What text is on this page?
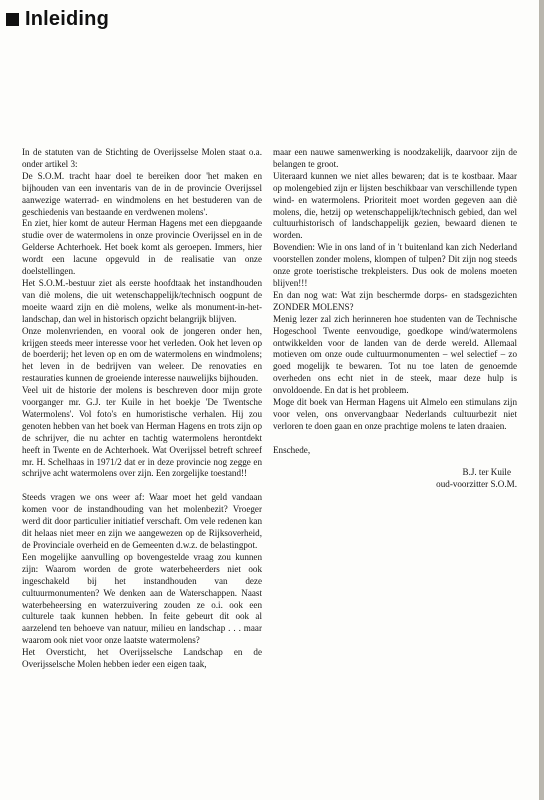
Inleiding

In de statuten van de Stichting de Overijsselse Molen staat o.a. onder artikel 3:

De S.O.M. tracht haar doel te bereiken door 'het maken en bijhouden van een inventaris van de in de provincie Overijssel aanwezige waterrad- en windmolens en het bestuderen van de geschiedenis van bestaande en verdwenen molens'.

En ziet, hier komt de auteur Herman Hagens met een diepgaande studie over de watermolens in onze provincie Overijssel en in de Gelderse Achterhoek. Het boek komt als geroepen. Immers, hier wordt een lacune opgevuld in de realisatie van onze doelstellingen.

Het S.O.M.-bestuur ziet als eerste hoofdtaak het instandhouden van diè molens, die uit wetenschappelijk/technisch oogpunt de moeite waard zijn en diè molens, welke als monument-in-het-landschap, dan wel in historisch opzicht belangrijk blijven.

Onze molenvrienden, en vooral ook de jongeren onder hen, krijgen steeds meer interesse voor het verleden. Ook het leven op de boerderij; het leven op en om de watermolens en windmolens; het leven in de bedrijven van weleer. De renovaties en restauraties kunnen de groeiende interesse nauwelijks bijhouden.

Veel uit de historie der molens is beschreven door mijn grote voorganger mr. G.J. ter Kuile in het boekje 'De Twentsche Watermolens'. Vol foto's en humoristische verhalen. Hij zou genoten hebben van het boek van Herman Hagens en trots zijn op de schrijver, die nu achter en tachtig watermolens herontdekt heeft in Twente en de Achterhoek. Wat Overijssel betreft schreef mr. H. Schelhaas in 1971/2 dat er in deze provincie nog zegge en schrijve acht watermolens over zijn. Een zorgelijke toestand!!

Steeds vragen we ons weer af: Waar moet het geld vandaan komen voor de instandhouding van het molenbezit? Vroeger werd dit door particulier initiatief verschaft. Om vele redenen kan dit helaas niet meer en zijn we aangewezen op de Rijksoverheid, de Provinciale overheid en de Gemeenten d.w.z. de belastingpot.

Een mogelijke aanvulling op bovengestelde vraag zou kunnen zijn: Waarom worden de grote waterbeheerders niet ook ingeschakeld bij het instandhouden van deze cultuurmonumenten? We denken aan de Waterschappen. Naast waterbeheersing en waterzuivering zouden ze o.i. ook een culturele taak kunnen hebben. In feite gebeurt dit ook al aarzelend ten behoeve van natuur, milieu en landschap . . . maar waarom ook niet voor onze laatste watermolens?

Het Oversticht, het Overijsselsche Landschap en de Overijsselsche Molen hebben ieder een eigen taak,

maar een nauwe samenwerking is noodzakelijk, daarvoor zijn de belangen te groot.

Uiteraard kunnen we niet alles bewaren; dat is te kostbaar. Maar op molengebied zijn er lijsten beschikbaar van verschillende typen wind- en watermolens. Prioriteit moet worden gegeven aan diè molens, die, hetzij op wetenschappelijk/technisch gebied, dan wel cultuurhistorisch of landschappelijk gezien, bewaard dienen te worden.

Bovendien: Wie in ons land of in 't buitenland kan zich Nederland voorstellen zonder molens, klompen of tulpen? Dit zijn nog steeds onze grote toeristische trekpleisters. Dus ook de molens moeten blijven!!!

En dan nog wat: Wat zijn beschermde dorps- en stadsgezichten ZONDER MOLENS?

Menig lezer zal zich herinneren hoe studenten van de Technische Hogeschool Twente eenvoudige, goedkope wind/watermolens ontwikkelden voor de landen van de derde wereld. Allemaal motieven om onze oude cultuurmonumenten – wel selectief – zo goed mogelijk te bewaren. Tot nu toe laten de genoemde overheden ons echt niet in de steek, maar deze hulp is onvoldoende. En dat is het probleem.

Moge dit boek van Herman Hagens uit Almelo een stimulans zijn voor velen, ons onvervangbaar Nederlands cultuurbezit niet verloren te doen gaan en onze prachtige molens te laten draaien.

Enschede,

B.J. ter Kuile

oud-voorzitter S.O.M.
